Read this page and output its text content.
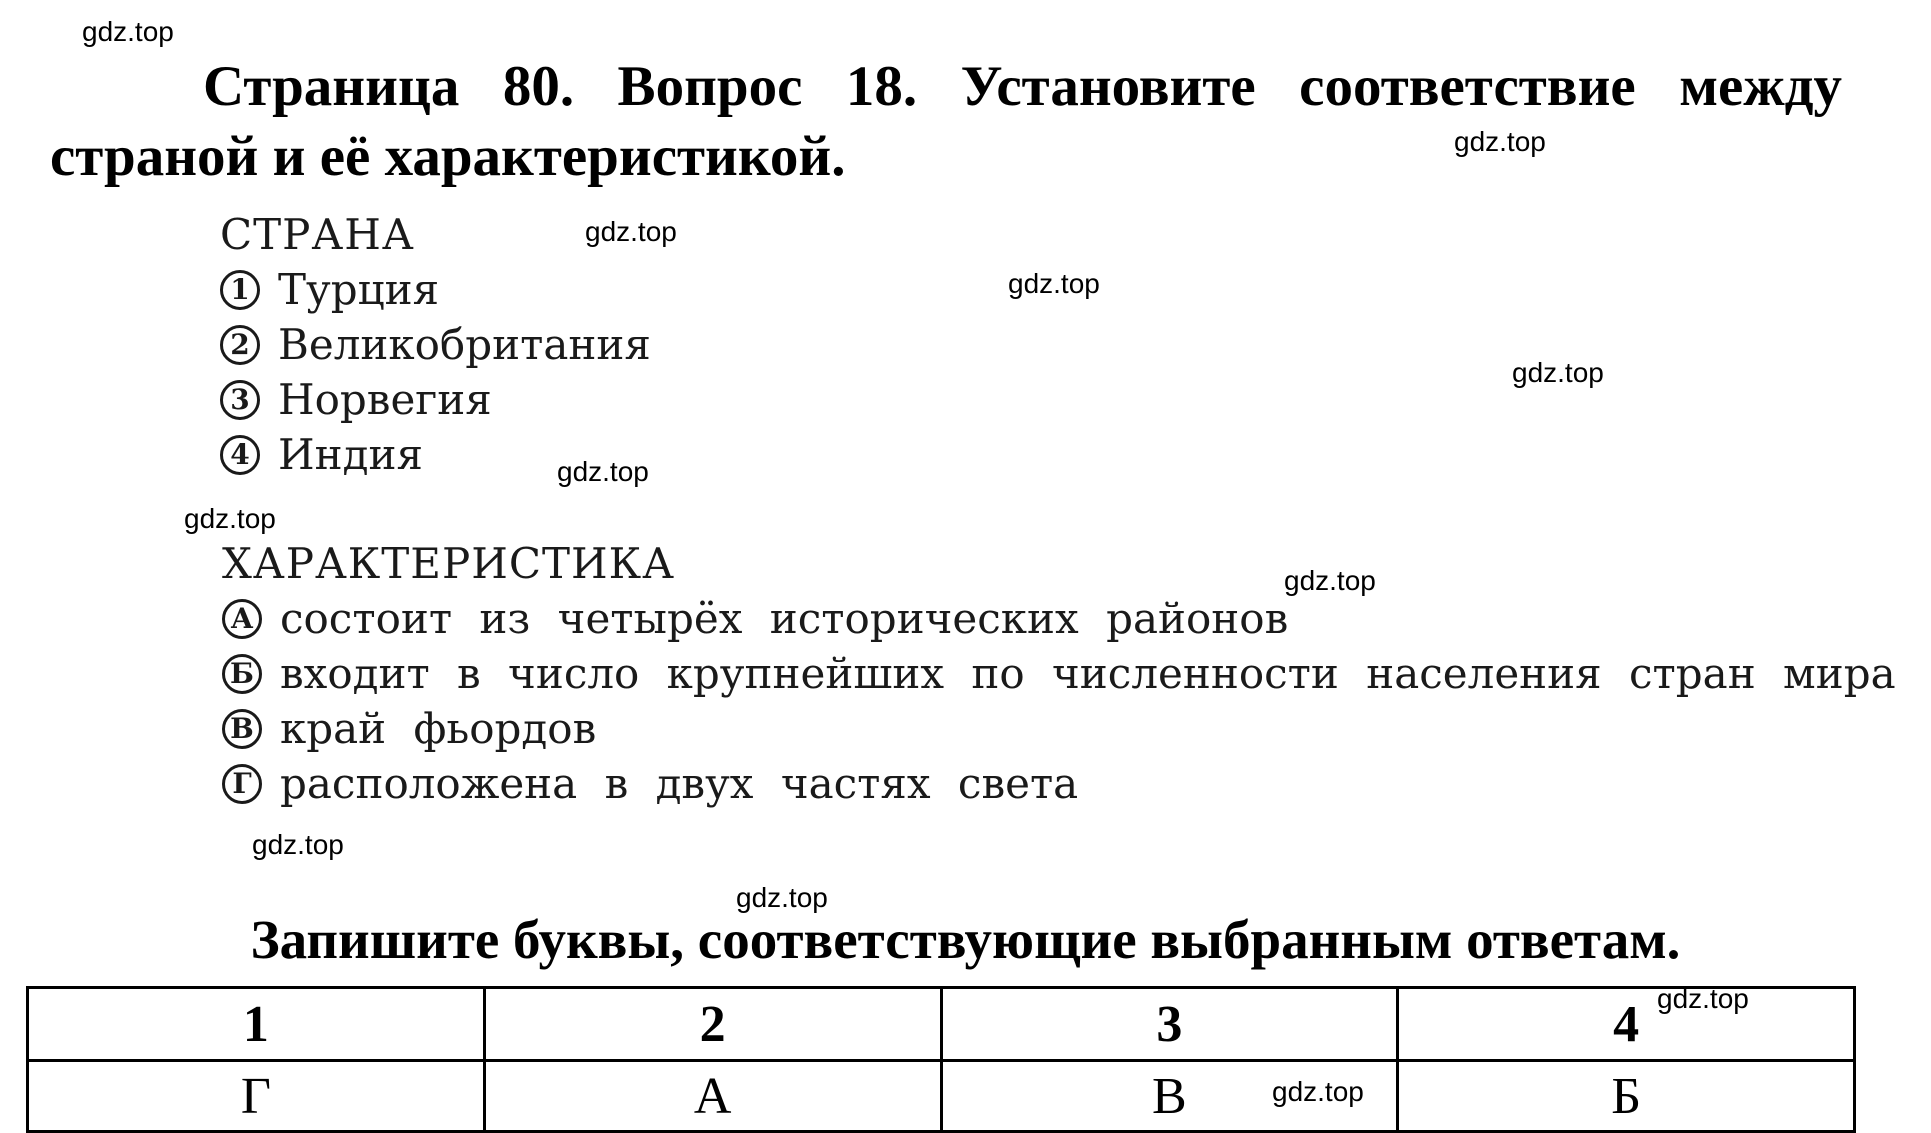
gdz.top
gdz.top
gdz.top
gdz.top
gdz.top
gdz.top
gdz.top
gdz.top
gdz.top
gdz.top
gdz.top
gdz.top
Страница 80. Вопрос 18. Установите соответствие между страной и её характеристикой.
СТРАНА
1 Турция
2 Великобритания
3 Норвегия
4 Индия
ХАРАКТЕРИСТИКА
А состоит из четырёх исторических районов
Б входит в число крупнейших по численности населения стран мира
В край фьордов
Г расположена в двух частях света
Запишите буквы, соответствующие выбранным ответам.
1	2	3	4
Г	А	В	Б
